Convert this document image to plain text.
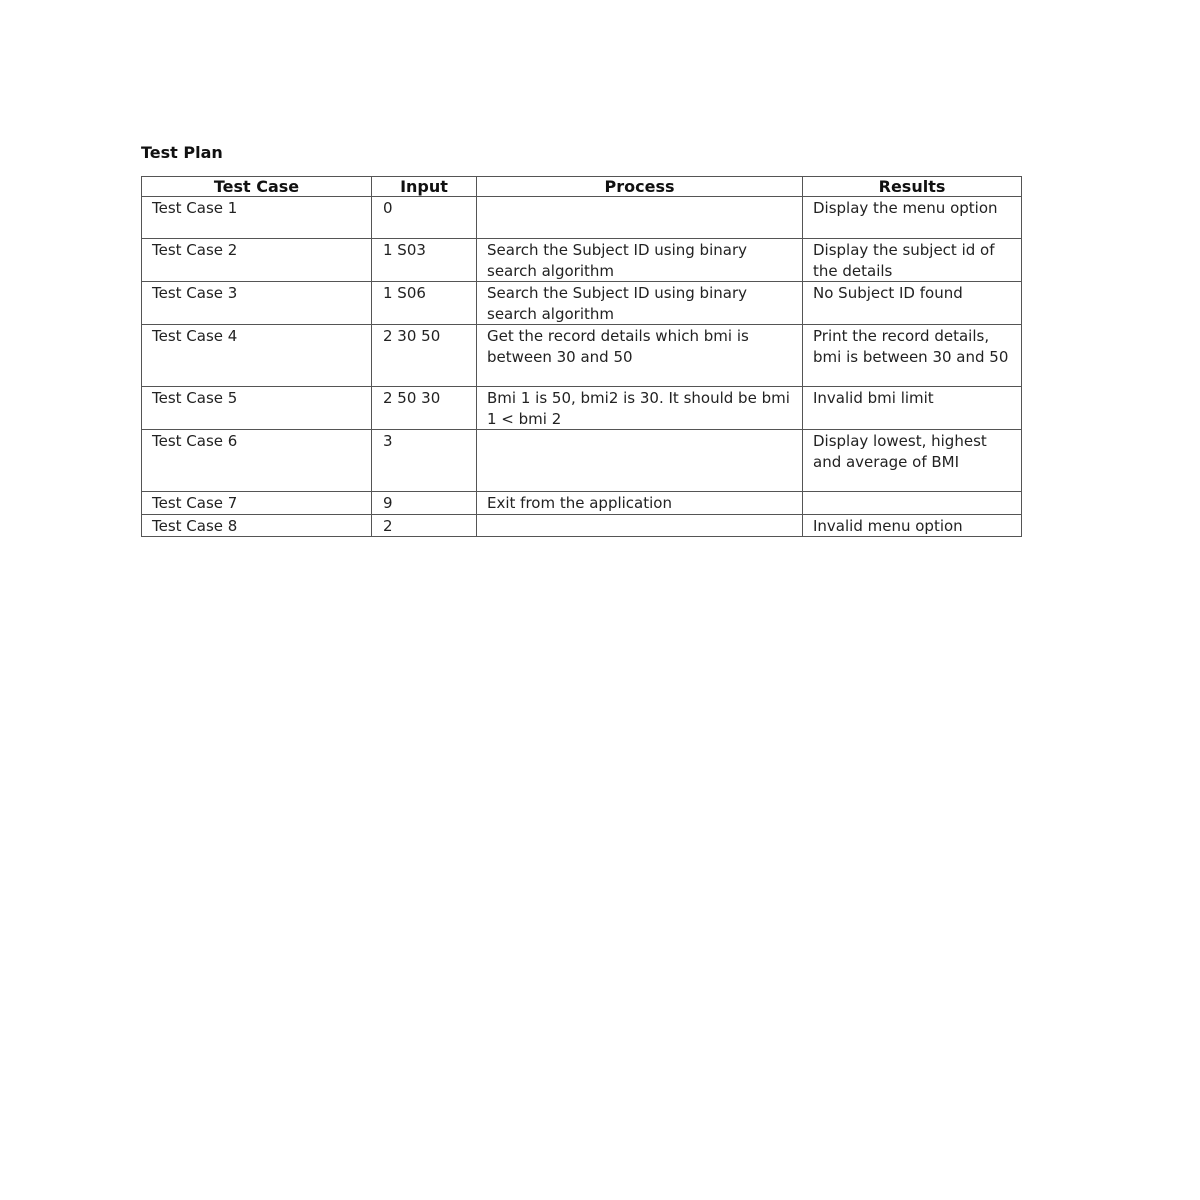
Test Plan
Test Case	Input	Process	Results
Test Case 1	0		Display the menu option
Test Case 2	1 S03	Search the Subject ID using binary search algorithm	Display the subject id of the details
Test Case 3	1 S06	Search the Subject ID using binary search algorithm	No Subject ID found
Test Case 4	2 30 50	Get the record details which bmi is between 30 and 50	Print the record details, bmi is between 30 and 50
Test Case 5	2 50 30	Bmi 1 is 50, bmi2 is 30. It should be bmi 1 < bmi 2	Invalid bmi limit
Test Case 6	3		Display lowest, highest and average of BMI
Test Case 7	9	Exit from the application	
Test Case 8	2		Invalid menu option
